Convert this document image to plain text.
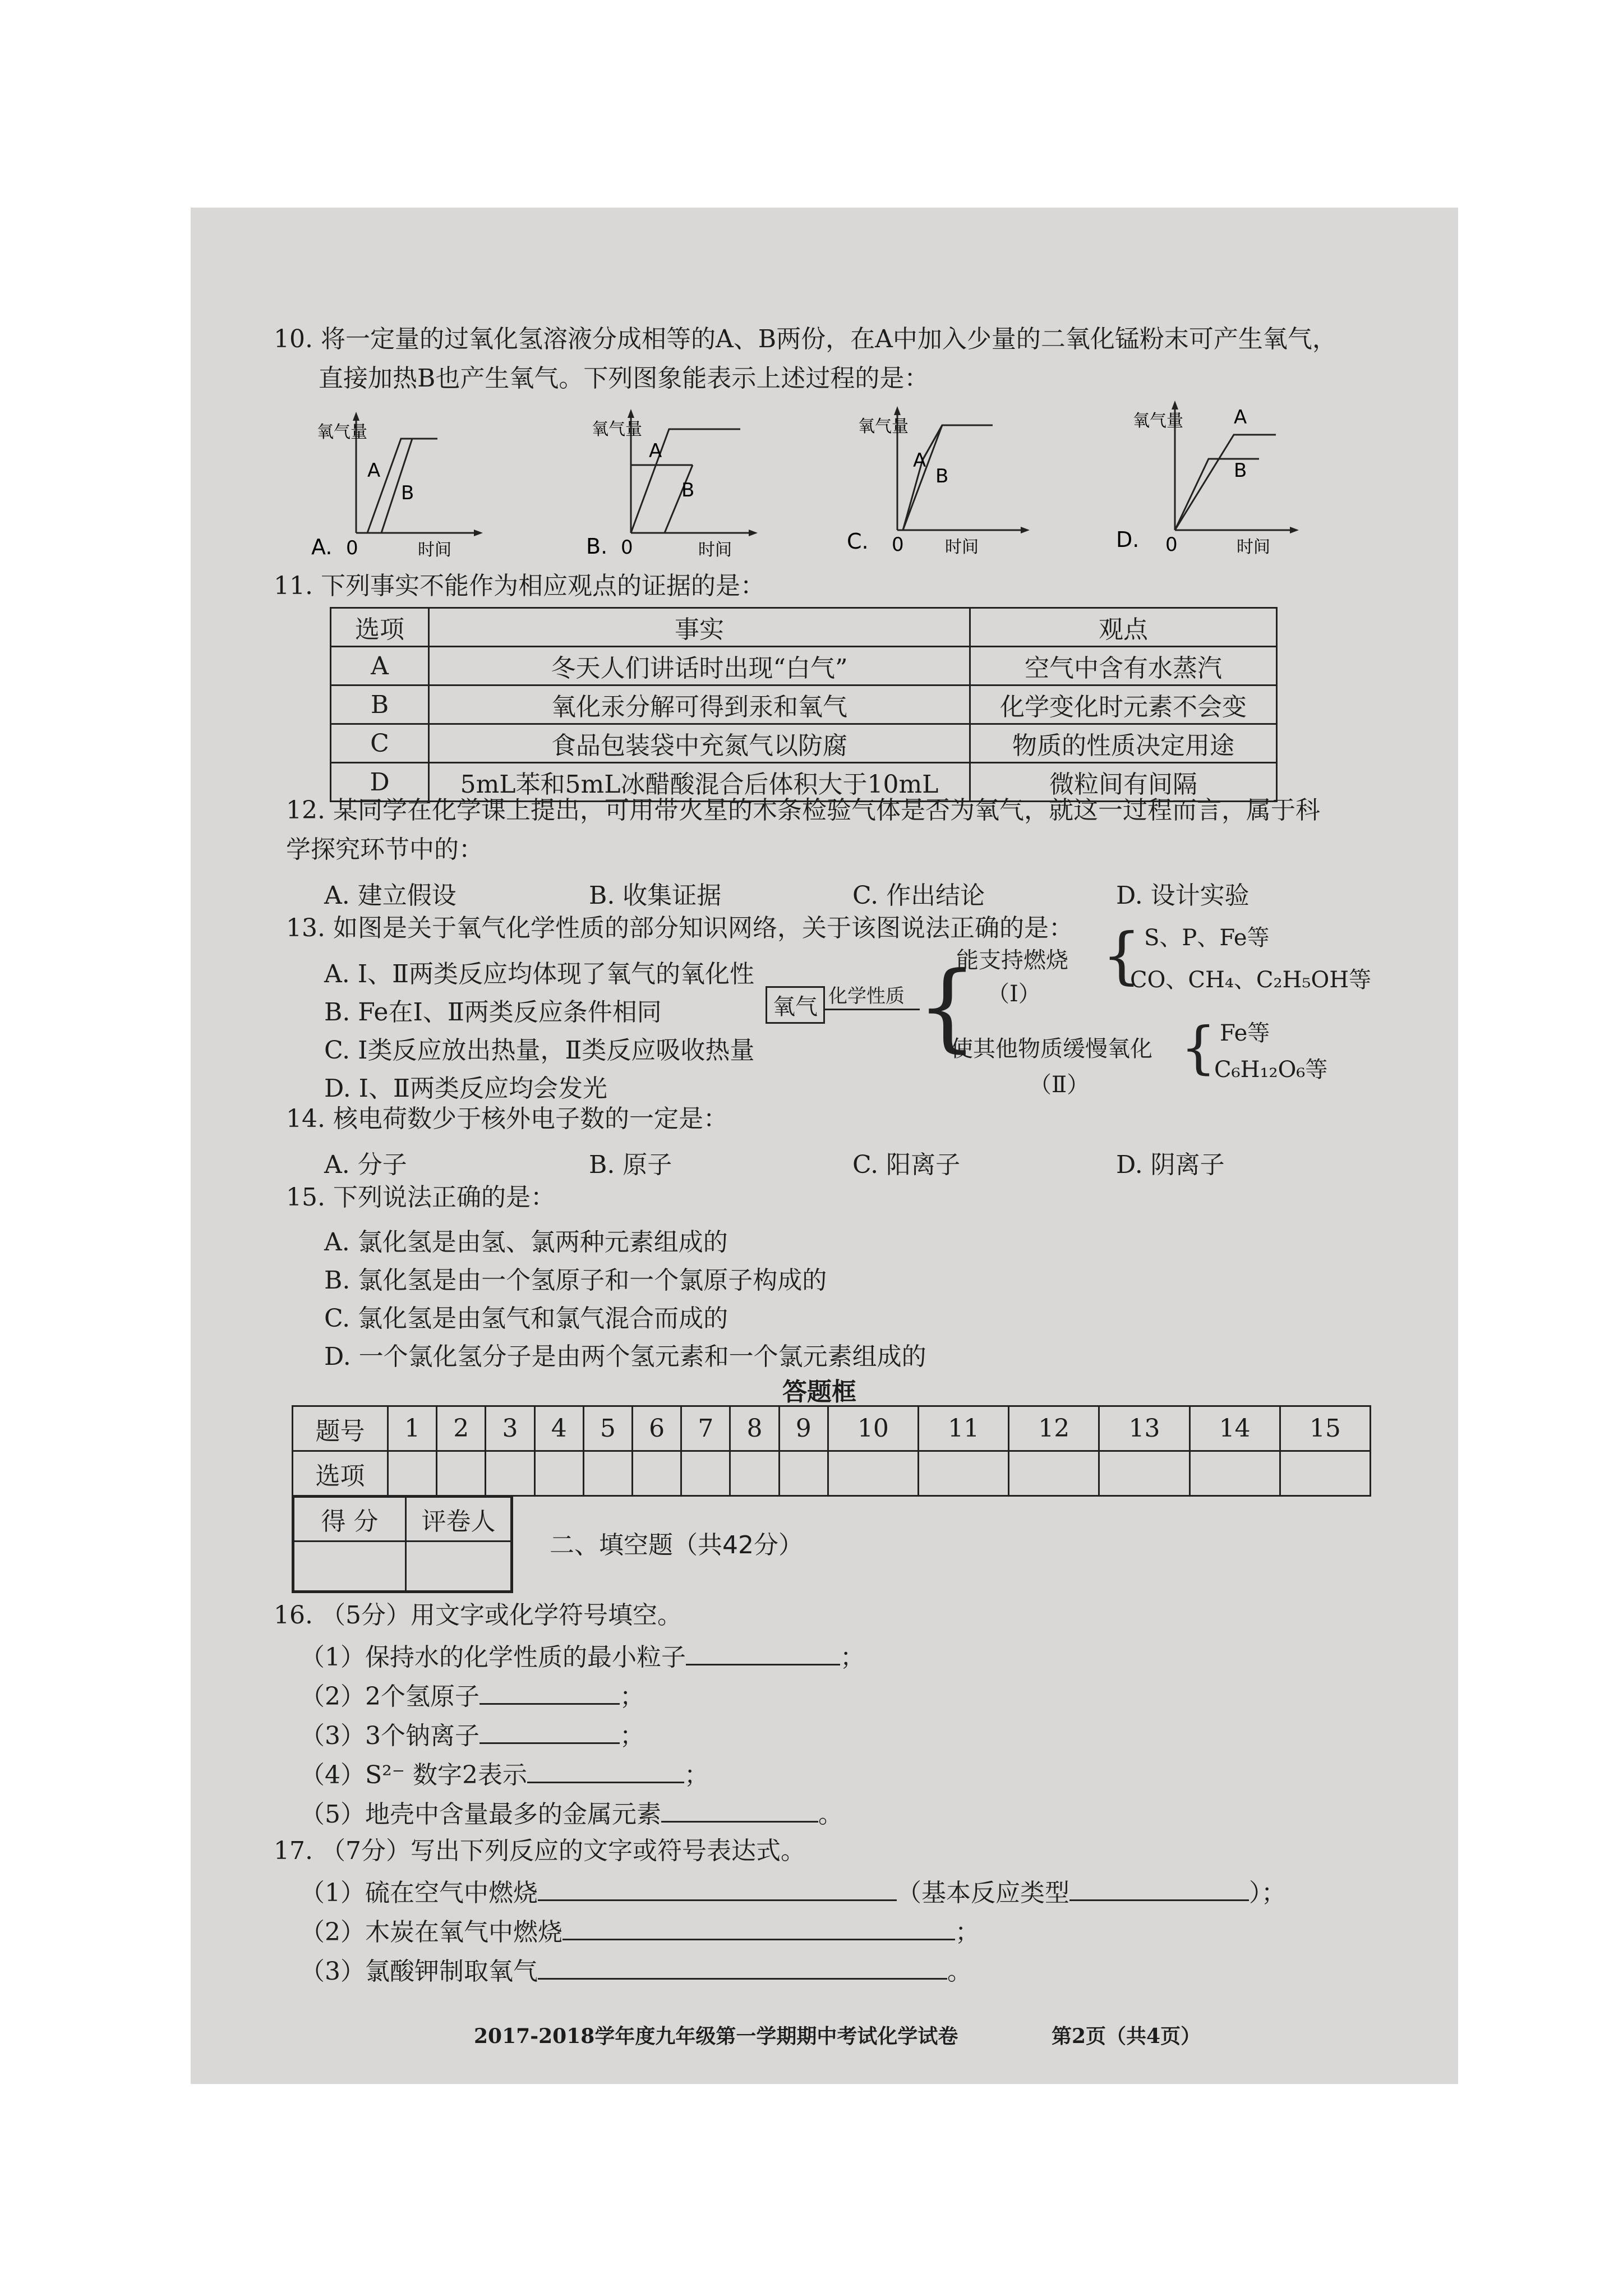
10. 将一定量的过氧化氢溶液分成相等的A、B两份，在A中加入少量的二氧化锰粉末可产生氧气，
直接加热B也产生氧气。下列图象能表示上述过程的是：
氧气量
A
B
A. 0	时间
氧气量
A
B
B. 0	时间
氧气量
A
B
C. 0 时间
氧气量	A
B
D. 0	时间
11. 下列事实不能作为相应观点的证据的是：
选项	事实	观点
A	冬天人们讲话时出现“白气”	空气中含有水蒸汽
B	氧化汞分解可得到汞和氧气	化学变化时元素不会变
C	食品包装袋中充氮气以防腐	物质的性质决定用途
D	5mL苯和5mL冰醋酸混合后体积大于10mL	微粒间有间隔
12. 某同学在化学课上提出，可用带火星的木条检验气体是否为氧气，就这一过程而言，属于科
学探究环节中的：
A. 建立假设	B. 收集证据	C. 作出结论	D. 设计实验
13. 如图是关于氧气化学性质的部分知识网络，关于该图说法正确的是：
A. Ⅰ、Ⅱ两类反应均体现了氧气的氧化性
B. Fe在Ⅰ、Ⅱ两类反应条件相同
C. Ⅰ类反应放出热量，Ⅱ类反应吸收热量
D. Ⅰ、Ⅱ两类反应均会发光
氧气 化学性质 {
能支持燃烧
（Ⅰ）
{ S、P、Fe等
CO、CH₄、C₂H₅OH等
使其他物质缓慢氧化
（Ⅱ）
{ Fe等
C₆H₁₂O₆等
14. 核电荷数少于核外电子数的一定是：
A. 分子	B. 原子	C. 阳离子	D. 阴离子
15. 下列说法正确的是：
A. 氯化氢是由氢、氯两种元素组成的
B. 氯化氢是由一个氢原子和一个氯原子构成的
C. 氯化氢是由氢气和氯气混合而成的
D. 一个氯化氢分子是由两个氢元素和一个氯元素组成的
答题框
题号	1	2	3	4	5	6	7	8	9	10	11	12	13	14	15
选项															
得 分	评卷人

二、填空题（共42分）
16. （5分）用文字或化学符号填空。
（1）保持水的化学性质的最小粒子	；
（2）2个氢原子	；
（3）3个钠离子	；
（4）S²⁻ 数字2表示	；
（5）地壳中含量最多的金属元素	。
17. （7分）写出下列反应的文字或符号表达式。
（1）硫在空气中燃烧	（基本反应类型	）；
（2）木炭在氧气中燃烧	；
（3）氯酸钾制取氧气	。
2017-2018学年度九年级第一学期期中考试化学试卷	第2页（共4页）
